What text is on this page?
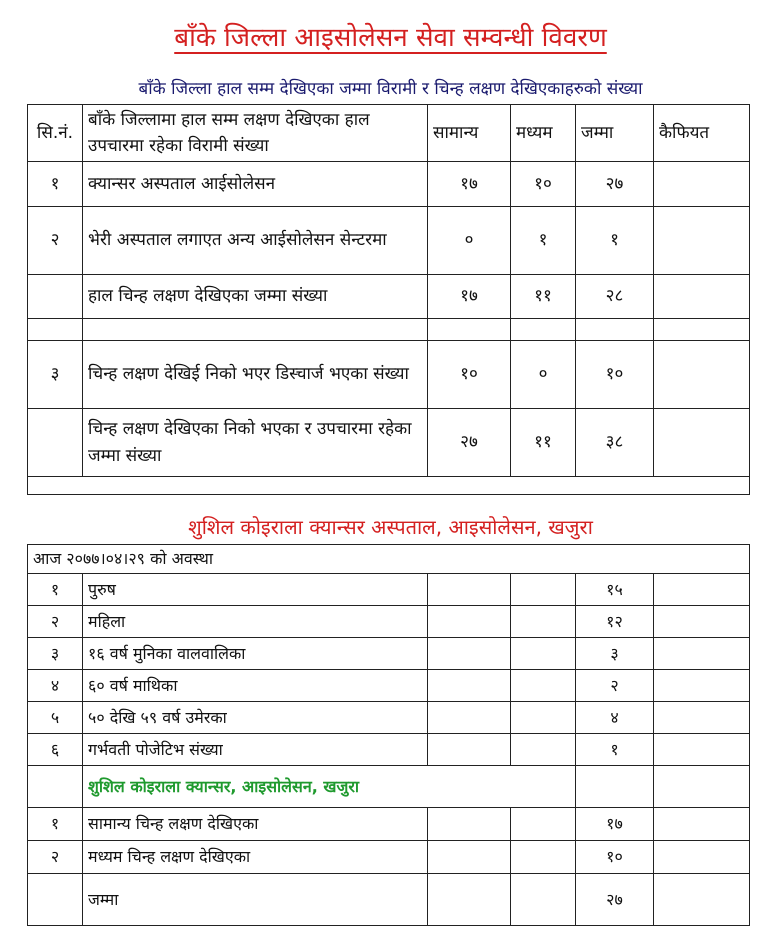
बाँके जिल्ला आइसोलेसन सेवा सम्वन्धी विवरण
बाँके जिल्ला हाल सम्म देखिएका जम्मा विरामी र चिन्ह लक्षण देखिएकाहरुको संख्या
सि.नं.	बाँके जिल्लामा हाल सम्म लक्षण देखिएका हाल उपचारमा रहेका विरामी संख्या	सामान्य	मध्यम	जम्मा	कैफियत
१	क्यान्सर अस्पताल आईसोलेसन	१७	१०	२७	
२	भेरी अस्पताल लगाएत अन्य आईसोलेसन सेन्टरमा	०	१	१	
	हाल चिन्ह लक्षण देखिएका जम्मा संख्या	१७	११	२८	

३	चिन्ह लक्षण देखिई निको भएर डिस्चार्ज भएका संख्या	१०	०	१०	
	चिन्ह लक्षण देखिएका निको भएका र उपचारमा रहेका जम्मा संख्या	२७	११	३८	

शुशिल कोइराला क्यान्सर अस्पताल, आइसोलेसन, खजुरा
आज २०७७।०४।२९ को अवस्था					
१	पुरुष			१५	
२	महिला			१२	
३	१६ वर्ष मुनिका वालवालिका			३	
४	६० वर्ष माथिका			२	
५	५० देखि ५९ वर्ष उमेरका			४	
६	गर्भवती पोजेटिभ संख्या			१	
	शुशिल कोइराला क्यान्सर, आइसोलेसन, खजुरा				
१	सामान्य चिन्ह लक्षण देखिएका			१७	
२	मध्यम चिन्ह लक्षण देखिएका			१०	
	जम्मा			२७	
